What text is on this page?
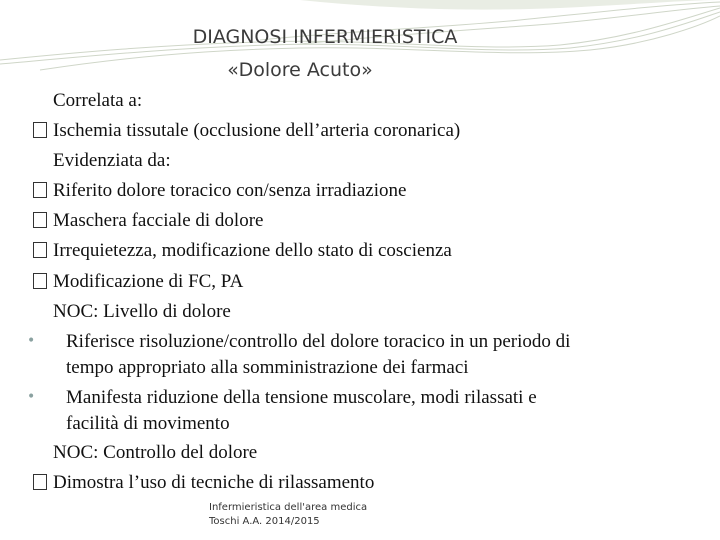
DIAGNOSI INFERMIERISTICA
«Dolore Acuto»
Correlata a:
Ischemia tissutale (occlusione dell’arteria coronarica)
Evidenziata da:
Riferito dolore toracico con/senza irradiazione
Maschera facciale di dolore
Irrequietezza, modificazione dello stato di coscienza
Modificazione di FC, PA
NOC: Livello di dolore
• Riferisce risoluzione/controllo del dolore toracico in un periodo di
tempo appropriato alla somministrazione dei farmaci
• Manifesta riduzione della tensione muscolare, modi rilassati e
facilità di movimento
NOC: Controllo del dolore
Dimostra l’uso di tecniche di rilassamento
Infermieristica dell'area medica
Toschi A.A. 2014/2015
